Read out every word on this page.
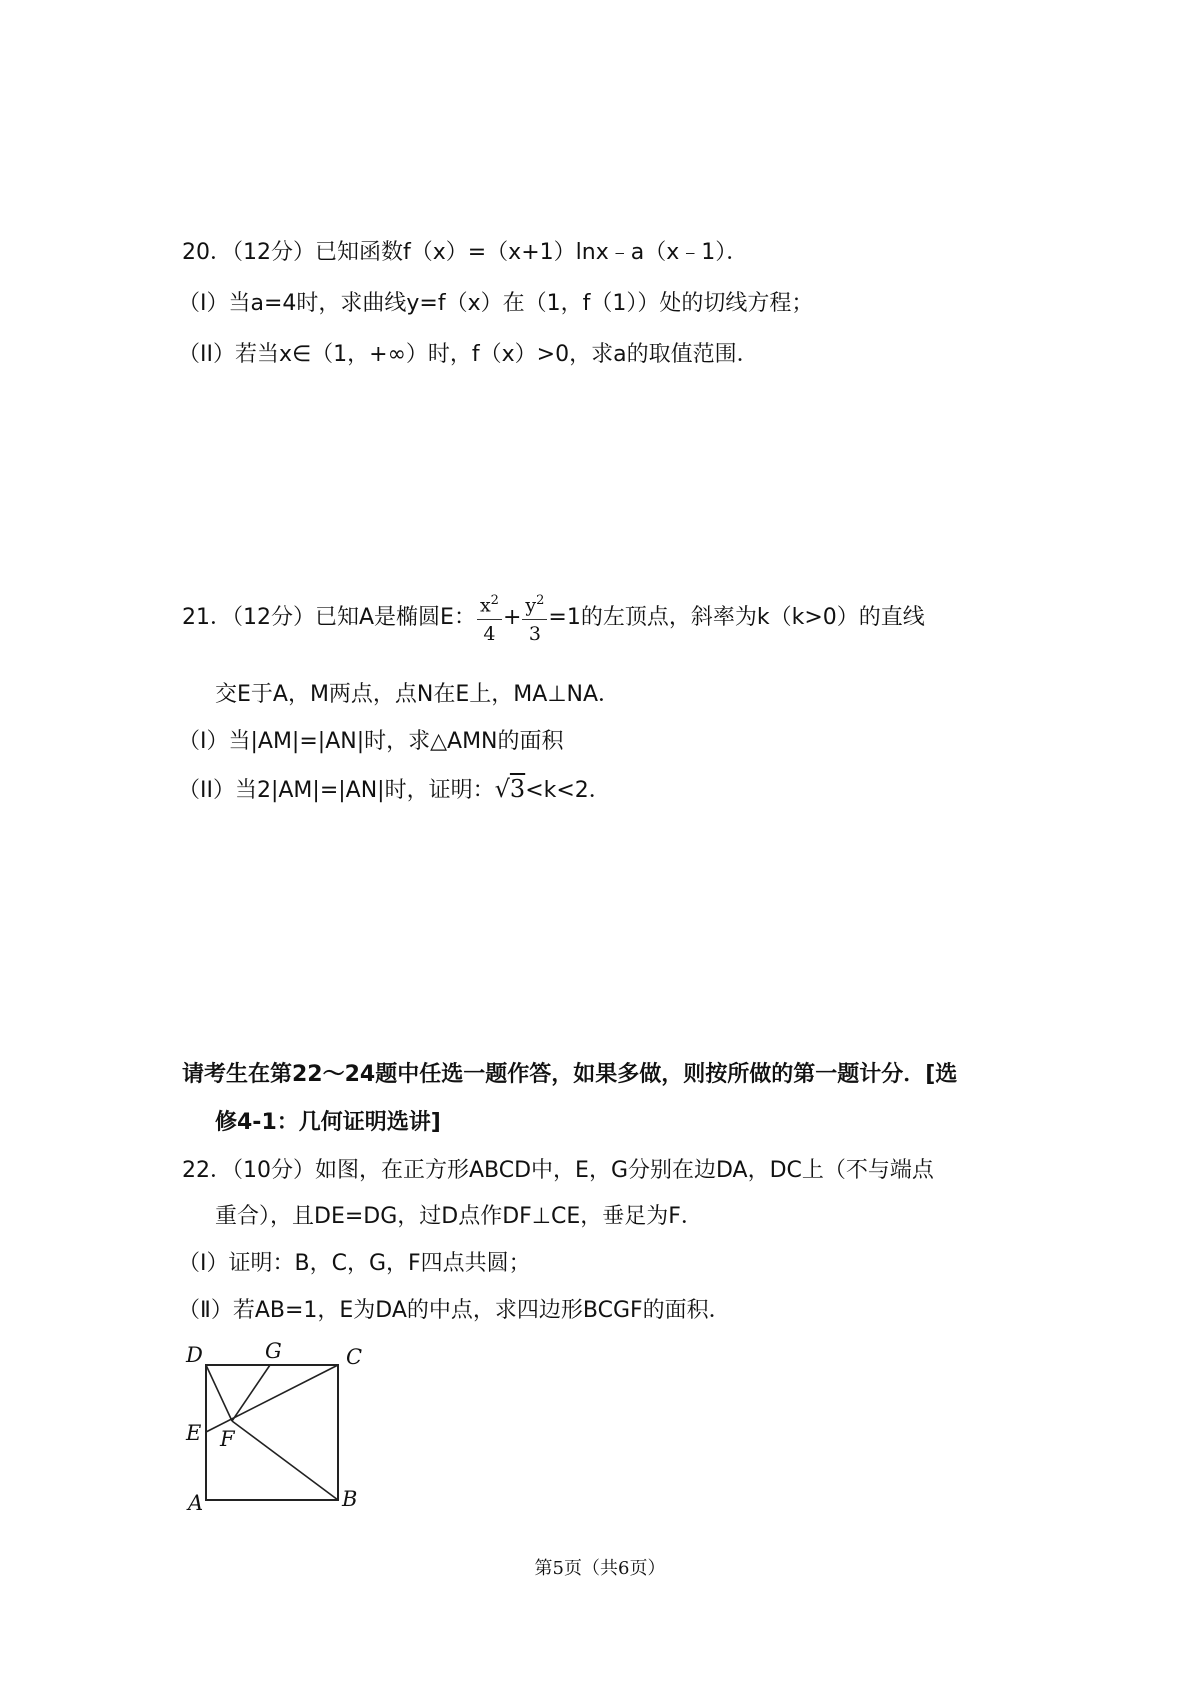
20．（12分）已知函数f（x）=（x+1）lnx﹣a（x﹣1）．
（I）当a=4时，求曲线y=f（x）在（1，f（1））处的切线方程；
（II）若当x∈（1，+∞）时，f（x）>0，求a的取值范围．
21．（12分）已知A是椭圆E： $\frac{x^2}{4} + \frac{y^2}{3} =1$的左顶点，斜率为k（k>0）的直线
交E于A，M两点，点N在E上，MA⊥NA．
（I）当|AM|=|AN|时，求△AMN的面积
（II）当2|AM|=|AN|时，证明：√3<k<2．
请考生在第22～24题中任选一题作答，如果多做，则按所做的第一题计分．[选
修4-1：几何证明选讲]
22．（10分）如图，在正方形ABCD中，E，G分别在边DA，DC上（不与端点
重合），且DE=DG，过D点作DF⊥CE，垂足为F．
（Ⅰ）证明：B，C，G，F四点共圆；
（Ⅱ）若AB=1，E为DA的中点，求四边形BCGF的面积．
D	G	C
E F
A	B
第5页（共6页）
